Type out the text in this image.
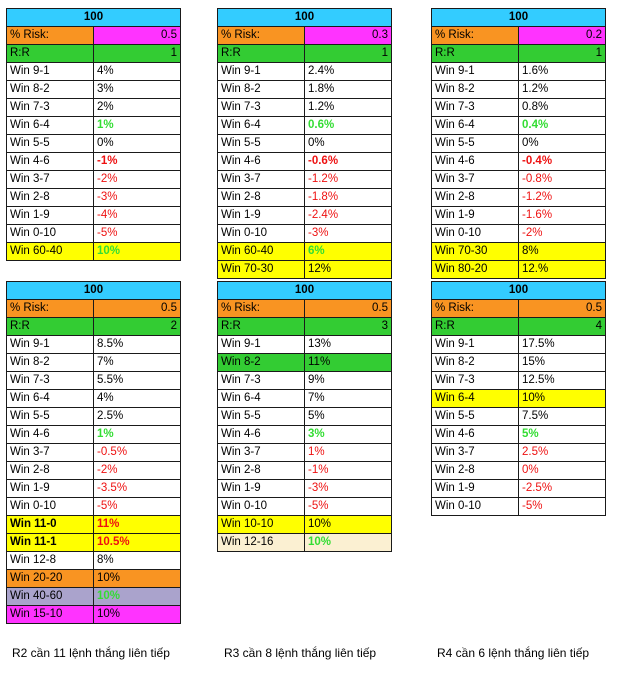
100	
% Risk:	0.5
R:R	1
Win 9-1	4%
Win 8-2	3%
Win 7-3	2%
Win 6-4	1%
Win 5-5	0%
Win 4-6	-1%
Win 3-7	-2%
Win 2-8	-3%
Win 1-9	-4%
Win 0-10	-5%
Win 60-40	10%
100	
% Risk:	0.3
R:R	1
Win 9-1	2.4%
Win 8-2	1.8%
Win 7-3	1.2%
Win 6-4	0.6%
Win 5-5	0%
Win 4-6	-0.6%
Win 3-7	-1.2%
Win 2-8	-1.8%
Win 1-9	-2.4%
Win 0-10	-3%
Win 60-40	6%
Win 70-30	12%
100	
% Risk:	0.2
R:R	1
Win 9-1	1.6%
Win 8-2	1.2%
Win 7-3	0.8%
Win 6-4	0.4%
Win 5-5	0%
Win 4-6	-0.4%
Win 3-7	-0.8%
Win 2-8	-1.2%
Win 1-9	-1.6%
Win 0-10	-2%
Win 70-30	8%
Win 80-20	12.%
100	
% Risk:	0.5
R:R	2
Win 9-1	8.5%
Win 8-2	7%
Win 7-3	5.5%
Win 6-4	4%
Win 5-5	2.5%
Win 4-6	1%
Win 3-7	-0.5%
Win 2-8	-2%
Win 1-9	-3.5%
Win 0-10	-5%
Win 11-0	11%
Win 11-1	10.5%
Win 12-8	8%
Win 20-20	10%
Win 40-60	10%
Win 15-10	10%
100	
% Risk:	0.5
R:R	3
Win 9-1	13%
Win 8-2	11%
Win 7-3	9%
Win 6-4	7%
Win 5-5	5%
Win 4-6	3%
Win 3-7	1%
Win 2-8	-1%
Win 1-9	-3%
Win 0-10	-5%
Win 10-10	10%
Win 12-16	10%
100	
% Risk:	0.5
R:R	4
Win 9-1	17.5%
Win 8-2	15%
Win 7-3	12.5%
Win 6-4	10%
Win 5-5	7.5%
Win 4-6	5%
Win 3-7	2.5%
Win 2-8	0%
Win 1-9	-2.5%
Win 0-10	-5%
R2 cần 11 lệnh thắng liên tiếp	R3 cần 8 lệnh thắng liên tiếp	R4 cần 6 lệnh thắng liên tiếp
